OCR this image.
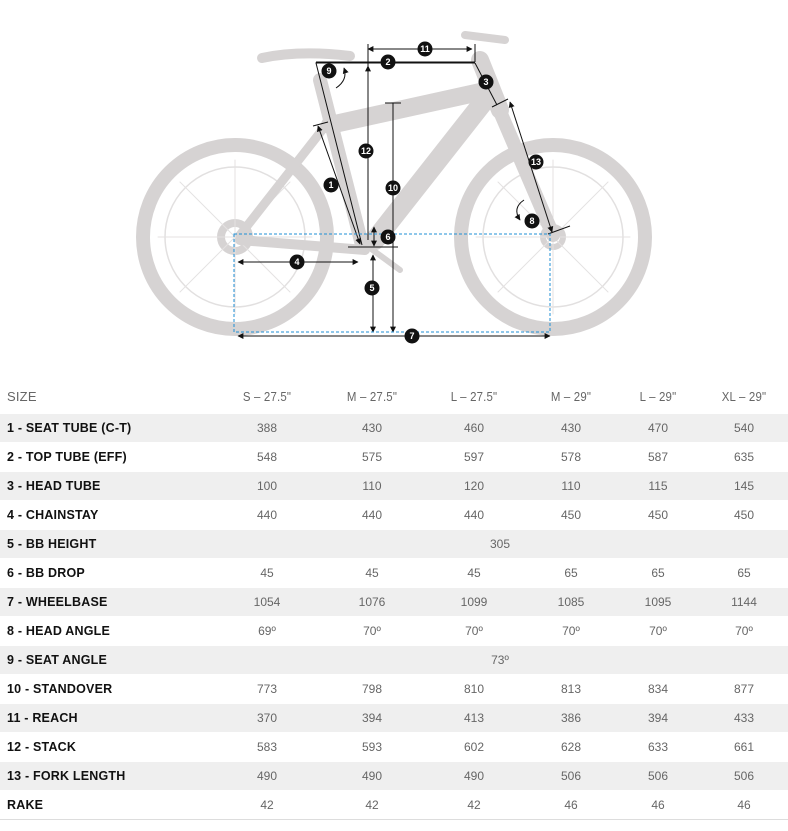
1
2
3
4
5
6
7
8
9
10
11
12
13
SIZE	S – 27.5"	M – 27.5"	L – 27.5"	M – 29"	L – 29"	XL – 29"
1 - SEAT TUBE (C-T)	388	430	460	430	470	540
2 - TOP TUBE (EFF)	548	575	597	578	587	635
3 - HEAD TUBE	100	110	120	110	115	145
4 - CHAINSTAY	440	440	440	450	450	450
5 - BB HEIGHT	305					
6 - BB DROP	45	45	45	65	65	65
7 - WHEELBASE	1054	1076	1099	1085	1095	1144
8 - HEAD ANGLE	69º	70º	70º	70º	70º	70º
9 - SEAT ANGLE	73º					
10 - STANDOVER	773	798	810	813	834	877
11 - REACH	370	394	413	386	394	433
12 - STACK	583	593	602	628	633	661
13 - FORK LENGTH	490	490	490	506	506	506
RAKE	42	42	42	46	46	46
